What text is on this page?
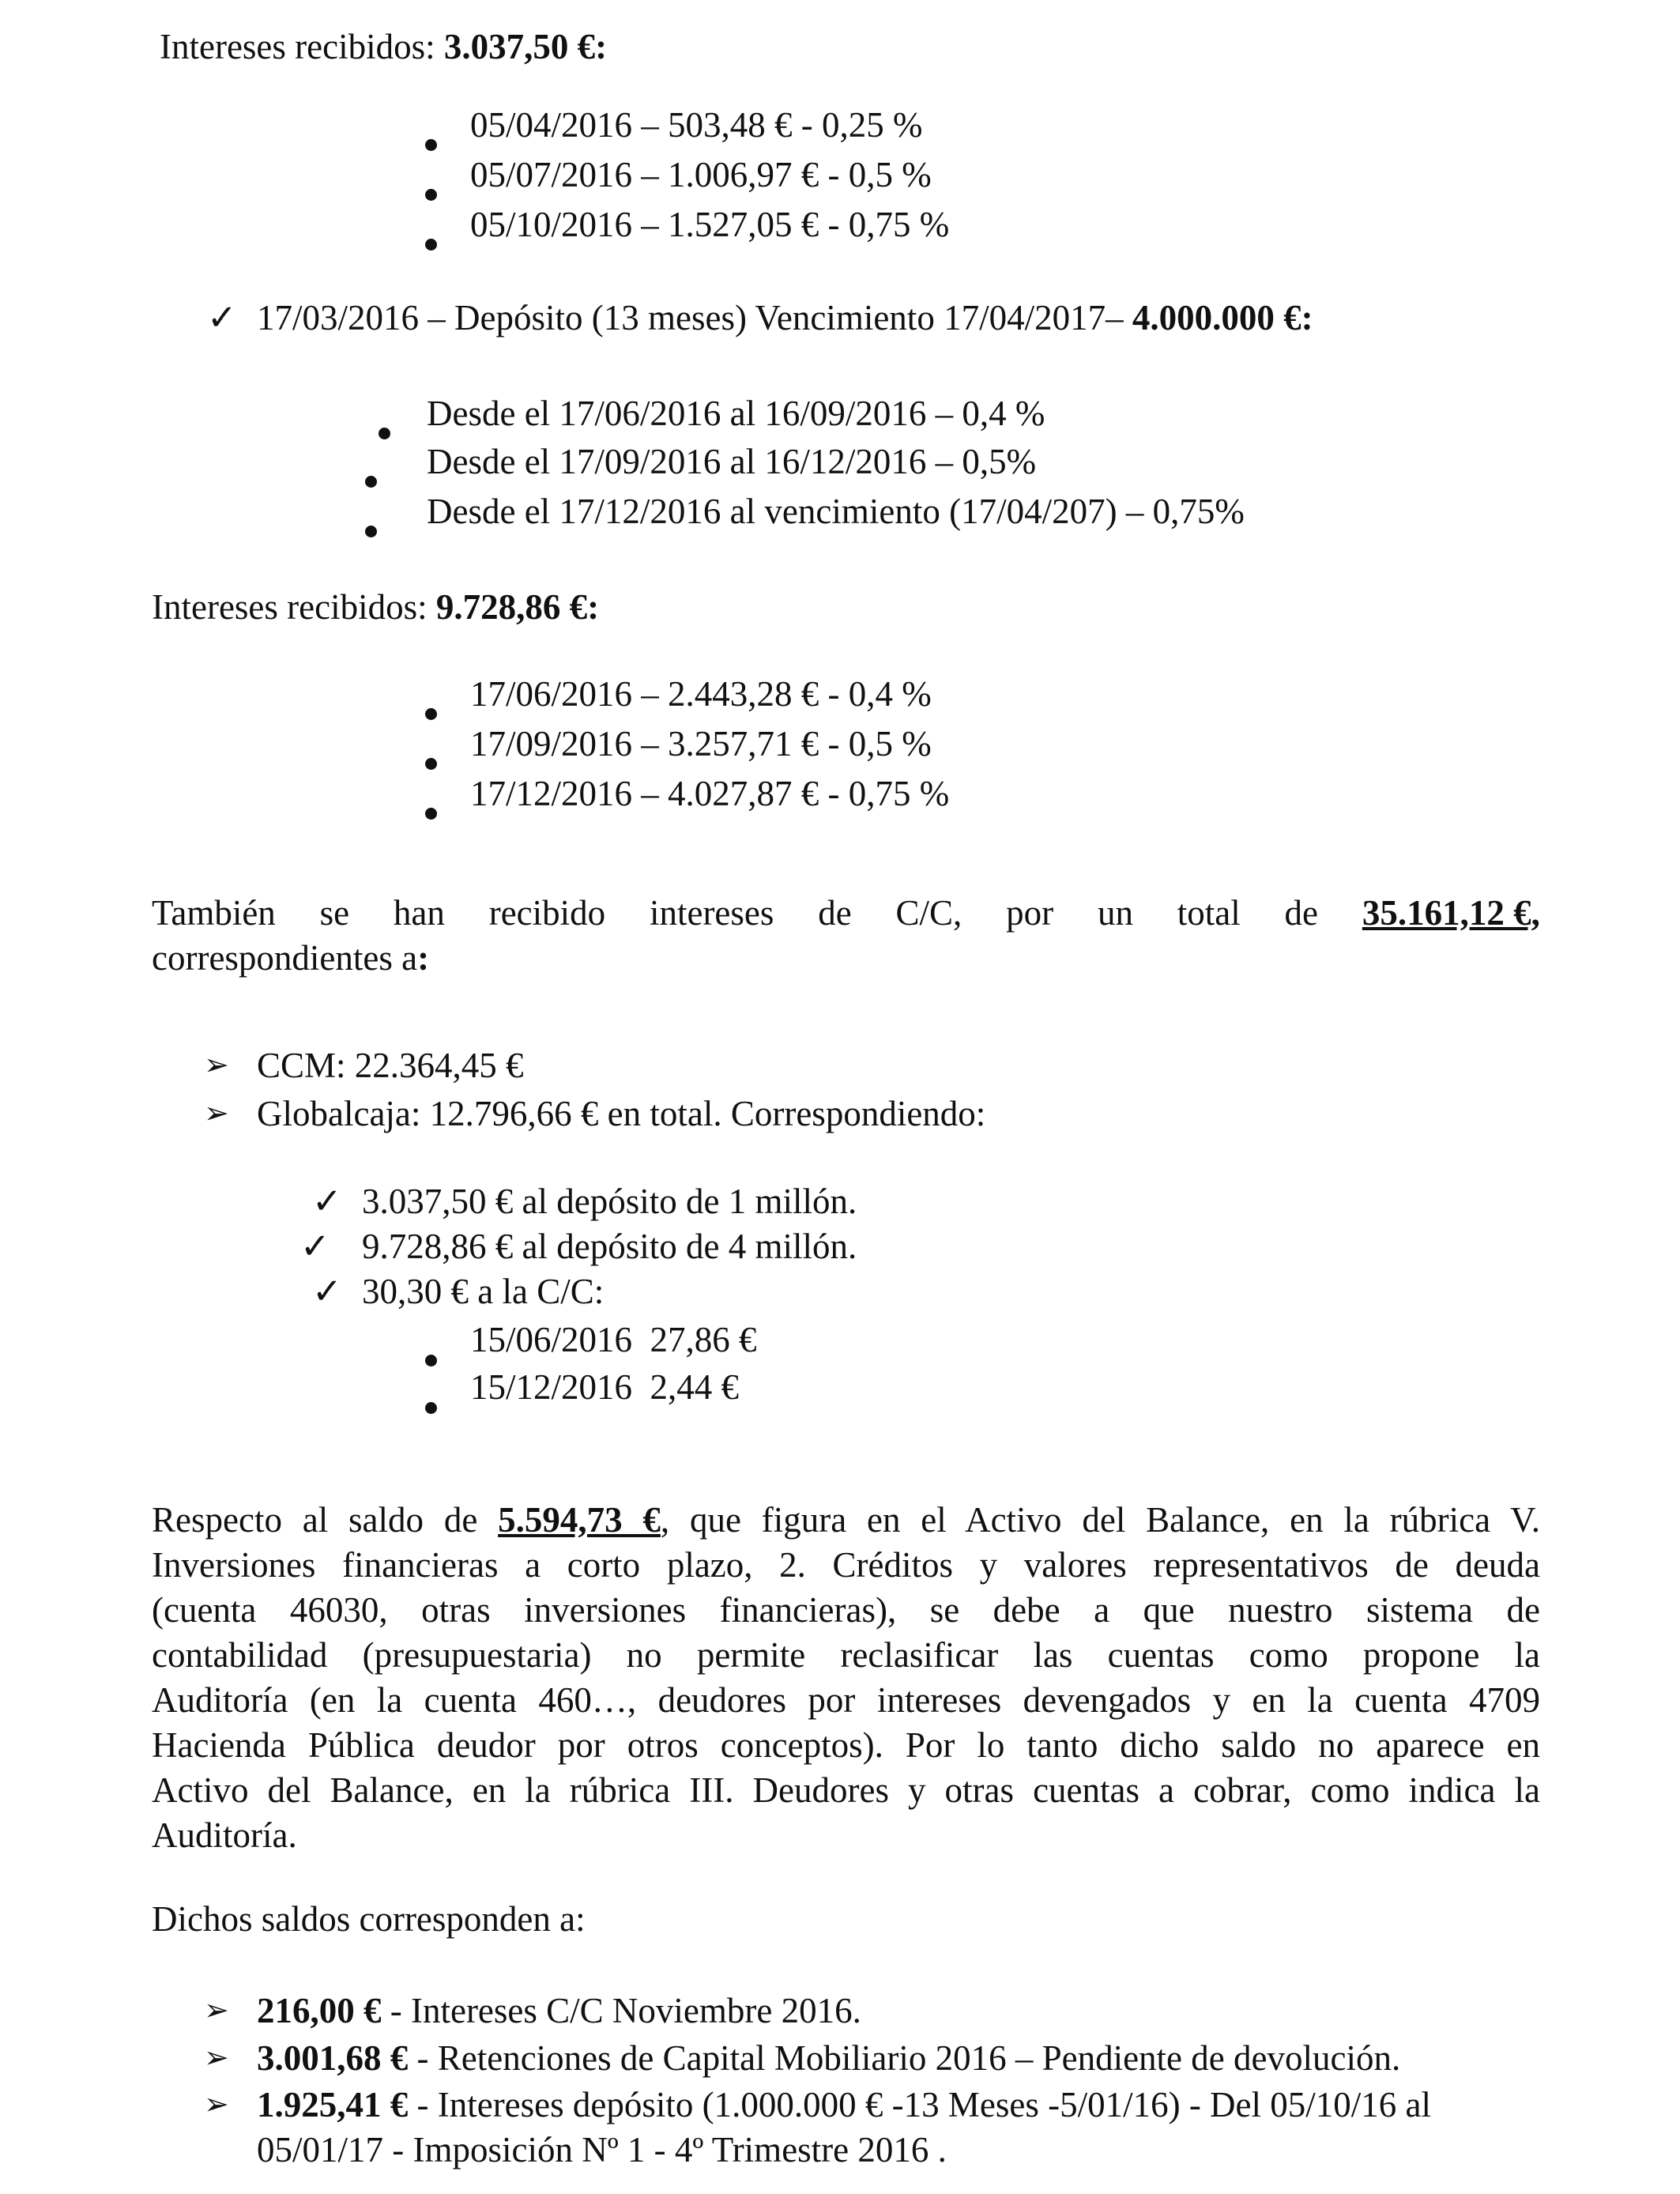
Intereses recibidos: 3.037,50 €:
05/04/2016 – 503,48 € - 0,25 %
05/07/2016 – 1.006,97 € - 0,5 %
05/10/2016 – 1.527,05 € - 0,75 %
✓ 17/03/2016 – Depósito (13 meses) Vencimiento 17/04/2017– 4.000.000 €:
Desde el 17/06/2016 al 16/09/2016 – 0,4 %
Desde el 17/09/2016 al 16/12/2016 – 0,5%
Desde el 17/12/2016 al vencimiento (17/04/207) – 0,75%
Intereses recibidos: 9.728,86 €:
17/06/2016 – 2.443,28 € - 0,4 %
17/09/2016 – 3.257,71 € - 0,5 %
17/12/2016 – 4.027,87 € - 0,75 %
También se han recibido intereses de C/C, por un total de 35.161,12 €,
correspondientes a:
➢ CCM: 22.364,45 €
➢ Globalcaja: 12.796,66 € en total. Correspondiendo:
✓ 3.037,50 € al depósito de 1 millón.
✓ 9.728,86 € al depósito de 4 millón.
✓ 30,30 € a la C/C:
15/06/2016  27,86 €
15/12/2016  2,44 €
Respecto al saldo de 5.594,73 €, que figura en el Activo del Balance, en la rúbrica V.
Inversiones financieras a corto plazo, 2. Créditos y valores representativos de deuda
(cuenta 46030, otras inversiones financieras), se debe a que nuestro sistema de
contabilidad (presupuestaria) no permite reclasificar las cuentas como propone la
Auditoría (en la cuenta 460…, deudores por intereses devengados y en la cuenta 4709
Hacienda Pública deudor por otros conceptos). Por lo tanto dicho saldo no aparece en
Activo del Balance, en la rúbrica III. Deudores y otras cuentas a cobrar, como indica la
Auditoría.
Dichos saldos corresponden a:
➢ 216,00 € - Intereses C/C Noviembre 2016.
➢ 3.001,68 € - Retenciones de Capital Mobiliario 2016 – Pendiente de devolución.
➢ 1.925,41 € - Intereses depósito (1.000.000 € -13 Meses -5/01/16) - Del 05/10/16 al
05/01/17 - Imposición Nº 1 - 4º Trimestre 2016 .
